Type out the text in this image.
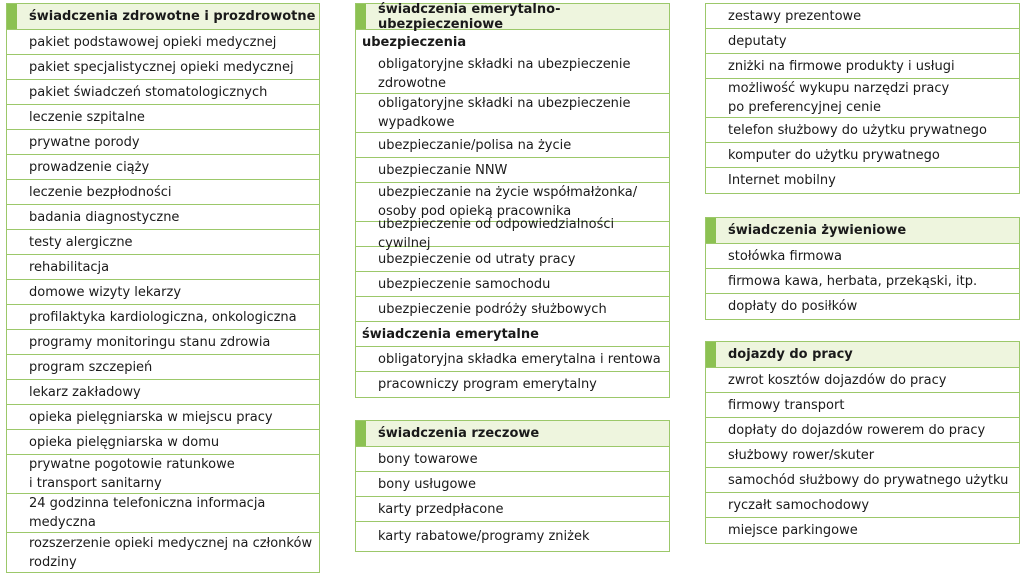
świadczenia zdrowotne i prozdrowotne
pakiet podstawowej opieki medycznej
pakiet specjalistycznej opieki medycznej
pakiet świadczeń stomatologicznych
leczenie szpitalne
prywatne porody
prowadzenie ciąży
leczenie bezpłodności
badania diagnostyczne
testy alergiczne
rehabilitacja
domowe wizyty lekarzy
profilaktyka kardiologiczna, onkologiczna
programy monitoringu stanu zdrowia
program szczepień
lekarz zakładowy
opieka pielęgniarska w miejscu pracy
opieka pielęgniarska w domu
prywatne pogotowie ratunkowe
i transport sanitarny
24 godzinna telefoniczna informacja
medyczna
rozszerzenie opieki medycznej na członków
rodziny
świadczenia emerytalno-ubezpieczeniowe
ubezpieczenia
obligatoryjne składki na ubezpieczenie
zdrowotne
obligatoryjne składki na ubezpieczenie
wypadkowe
ubezpieczanie/polisa na życie
ubezpieczanie NNW
ubezpieczanie na życie współmałżonka/
osoby pod opieką pracownika
ubezpieczenie od odpowiedzialności cywilnej
ubezpieczenie od utraty pracy
ubezpieczenie samochodu
ubezpieczenie podróży służbowych
świadczenia emerytalne
obligatoryjna składka emerytalna i rentowa
pracowniczy program emerytalny
świadczenia rzeczowe
bony towarowe
bony usługowe
karty przedpłacone
karty rabatowe/programy zniżek
zestawy prezentowe
deputaty
zniżki na firmowe produkty i usługi
możliwość wykupu narzędzi pracy
po preferencyjnej cenie
telefon służbowy do użytku prywatnego
komputer do użytku prywatnego
Internet mobilny
świadczenia żywieniowe
stołówka firmowa
firmowa kawa, herbata, przekąski, itp.
dopłaty do posiłków
dojazdy do pracy
zwrot kosztów dojazdów do pracy
firmowy transport
dopłaty do dojazdów rowerem do pracy
służbowy rower/skuter
samochód służbowy do prywatnego użytku
ryczałt samochodowy
miejsce parkingowe
